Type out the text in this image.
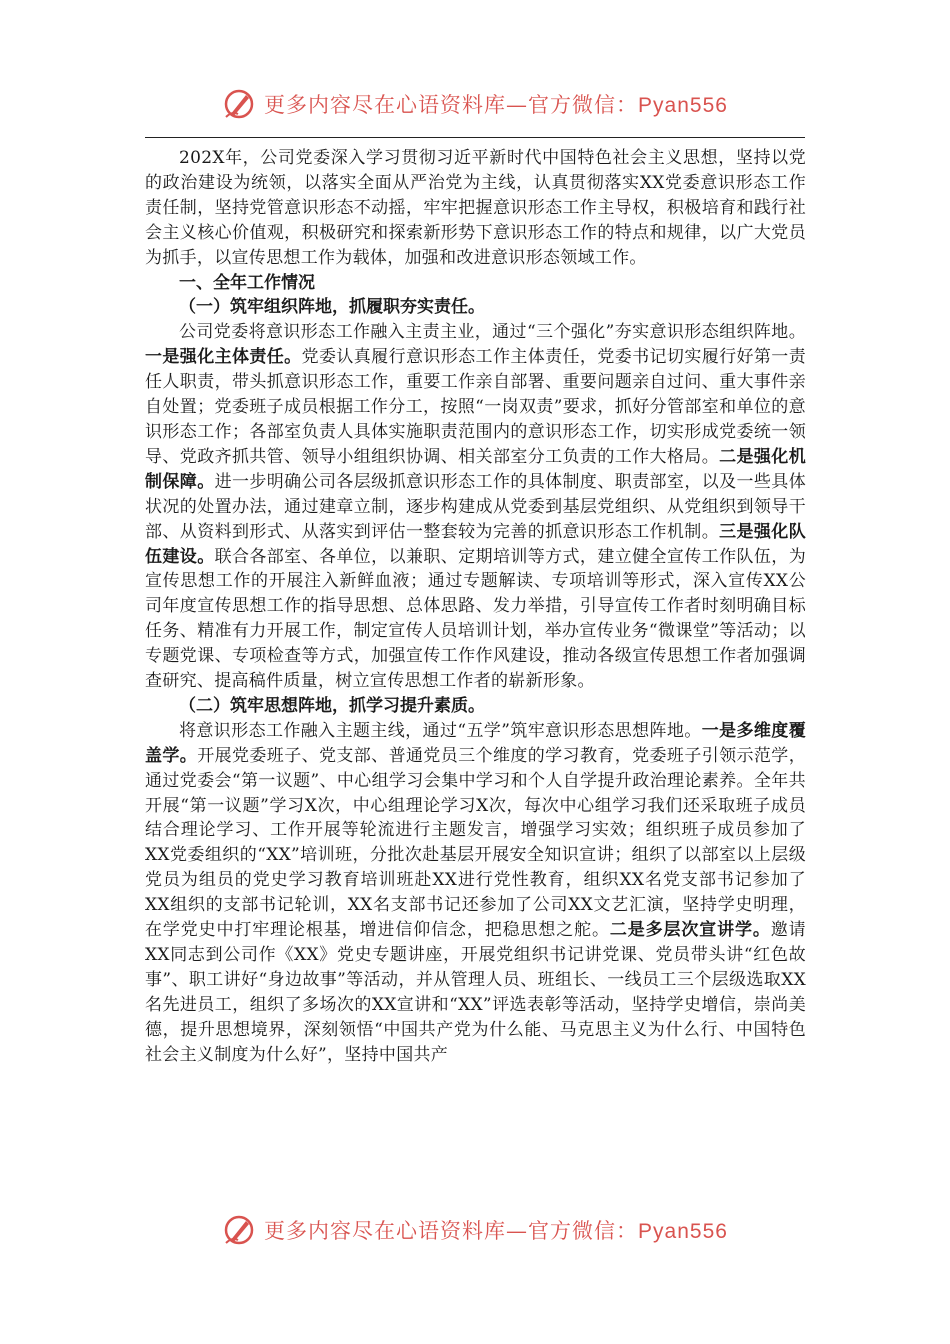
更多内容尽在心语资料库—官方微信：Pyan556

202X年，公司党委深入学习贯彻习近平新时代中国特色社会主义思想，坚持以党的政治建设为统领，以落实全面从严治党为主线，认真贯彻落实XX党委意识形态工作责任制，坚持党管意识形态不动摇，牢牢把握意识形态工作主导权，积极培育和践行社会主义核心价值观，积极研究和探索新形势下意识形态工作的特点和规律，以广大党员为抓手，以宣传思想工作为载体，加强和改进意识形态领域工作。

一、全年工作情况

（一）筑牢组织阵地，抓履职夯实责任。

公司党委将意识形态工作融入主责主业，通过“三个强化”夯实意识形态组织阵地。一是强化主体责任。党委认真履行意识形态工作主体责任，党委书记切实履行好第一责任人职责，带头抓意识形态工作，重要工作亲自部署、重要问题亲自过问、重大事件亲自处置；党委班子成员根据工作分工，按照“一岗双责”要求，抓好分管部室和单位的意识形态工作；各部室负责人具体实施职责范围内的意识形态工作，切实形成党委统一领导、党政齐抓共管、领导小组组织协调、相关部室分工负责的工作大格局。二是强化机制保障。进一步明确公司各层级抓意识形态工作的具体制度、职责部室，以及一些具体状况的处置办法，通过建章立制，逐步构建成从党委到基层党组织、从党组织到领导干部、从资料到形式、从落实到评估一整套较为完善的抓意识形态工作机制。三是强化队伍建设。联合各部室、各单位，以兼职、定期培训等方式，建立健全宣传工作队伍，为宣传思想工作的开展注入新鲜血液；通过专题解读、专项培训等形式，深入宣传XX公司年度宣传思想工作的指导思想、总体思路、发力举措，引导宣传工作者时刻明确目标任务、精准有力开展工作，制定宣传人员培训计划，举办宣传业务“微课堂”等活动；以专题党课、专项检查等方式，加强宣传工作作风建设，推动各级宣传思想工作者加强调查研究、提高稿件质量，树立宣传思想工作者的崭新形象。

（二）筑牢思想阵地，抓学习提升素质。

将意识形态工作融入主题主线，通过“五学”筑牢意识形态思想阵地。一是多维度覆盖学。开展党委班子、党支部、普通党员三个维度的学习教育，党委班子引领示范学，通过党委会“第一议题”、中心组学习会集中学习和个人自学提升政治理论素养。全年共开展“第一议题”学习X次，中心组理论学习X次，每次中心组学习我们还采取班子成员结合理论学习、工作开展等轮流进行主题发言，增强学习实效；组织班子成员参加了XX党委组织的“XX”培训班，分批次赴基层开展安全知识宣讲；组织了以部室以上层级党员为组员的党史学习教育培训班赴XX进行党性教育，组织XX名党支部书记参加了XX组织的支部书记轮训，XX名支部书记还参加了公司XX文艺汇演，坚持学史明理，在学党史中打牢理论根基，增进信仰信念，把稳思想之舵。二是多层次宣讲学。邀请XX同志到公司作《XX》党史专题讲座，开展党组织书记讲党课、党员带头讲“红色故事”、职工讲好“身边故事”等活动，并从管理人员、班组长、一线员工三个层级选取XX名先进员工，组织了多场次的XX宣讲和“XX”评选表彰等活动，坚持学史增信，崇尚美德，提升思想境界，深刻领悟“中国共产党为什么能、马克思主义为什么行、中国特色社会主义制度为什么好”，坚持中国共产

更多内容尽在心语资料库—官方微信：Pyan556
